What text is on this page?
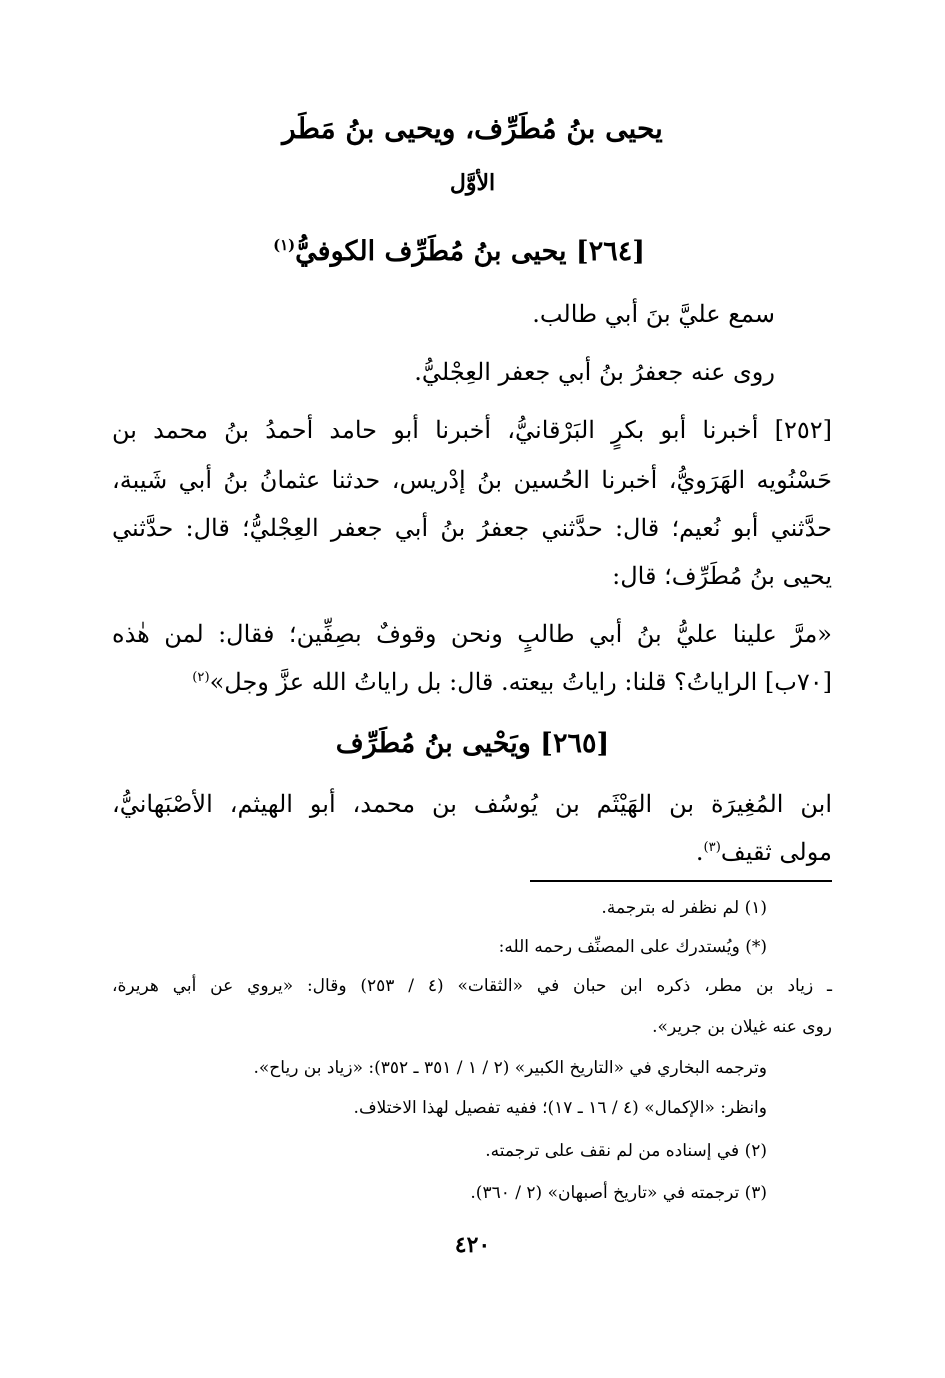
يحيى بنُ مُطَرِّف، ويحيى بنُ مَطَر
الأوَّل
[٢٦٤] يحيى بنُ مُطَرِّف الكوفيُّ$^{(١)}$
سمع عليَّ بنَ أبي طالب.
روى عنه جعفرُ بنُ أبي جعفر العِجْليُّ.
[٢٥٢] أخبرنا أبو بكرٍ البَرْقانيُّ، أخبرنا أبو حامد أحمدُ بنُ محمد بن
حَسْنُويه الهَرَويُّ، أخبرنا الحُسين بنُ إدْريس، حدثنا عثمانُ بنُ أبي شَيبة،
حدَّثني أبو نُعيم؛ قال: حدَّثني جعفرُ بنُ أبي جعفر العِجْليُّ؛ قال: حدَّثني
يحيى بنُ مُطَرِّف؛ قال:
«مرَّ علينا عليُّ بنُ أبي طالبٍ ونحن وقوفٌ بصِفِّين؛ فقال: لمن هٰذه
[٧٠ب] الراياتُ؟ قلنا: راياتُ بيعته. قال: بل راياتُ الله عزَّ وجل»$^{(٢)}$
[٢٦٥] ويَحْيى بنُ مُطَرِّف
ابن المُغِيرَة بن الهَيْثَم بن يُوسُف بن محمد، أبو الهيثم، الأصْبَهانيُّ،
مولى ثقيف$^{(٣)}$.
(١) لم نظفر له بترجمة.
(*) ويُستدرك على المصنِّف رحمه الله:
ـ زياد بن مطر، ذكره ابن حبان في «الثقات» (٤ / ٢٥٣) وقال: «يروي عن أبي هريرة،
روى عنه غيلان بن جرير».
وترجمه البخاري في «التاريخ الكبير» (٢ / ١ / ٣٥١ ـ ٣٥٢): «زياد بن رياح».
وانظر: «الإكمال» (٤ / ١٦ ـ ١٧)؛ ففيه تفصيل لهذا الاختلاف.
(٢) في إسناده من لم نقف على ترجمته.
(٣) ترجمته في «تاريخ أصبهان» (٢ / ٣٦٠).
٤٢٠
